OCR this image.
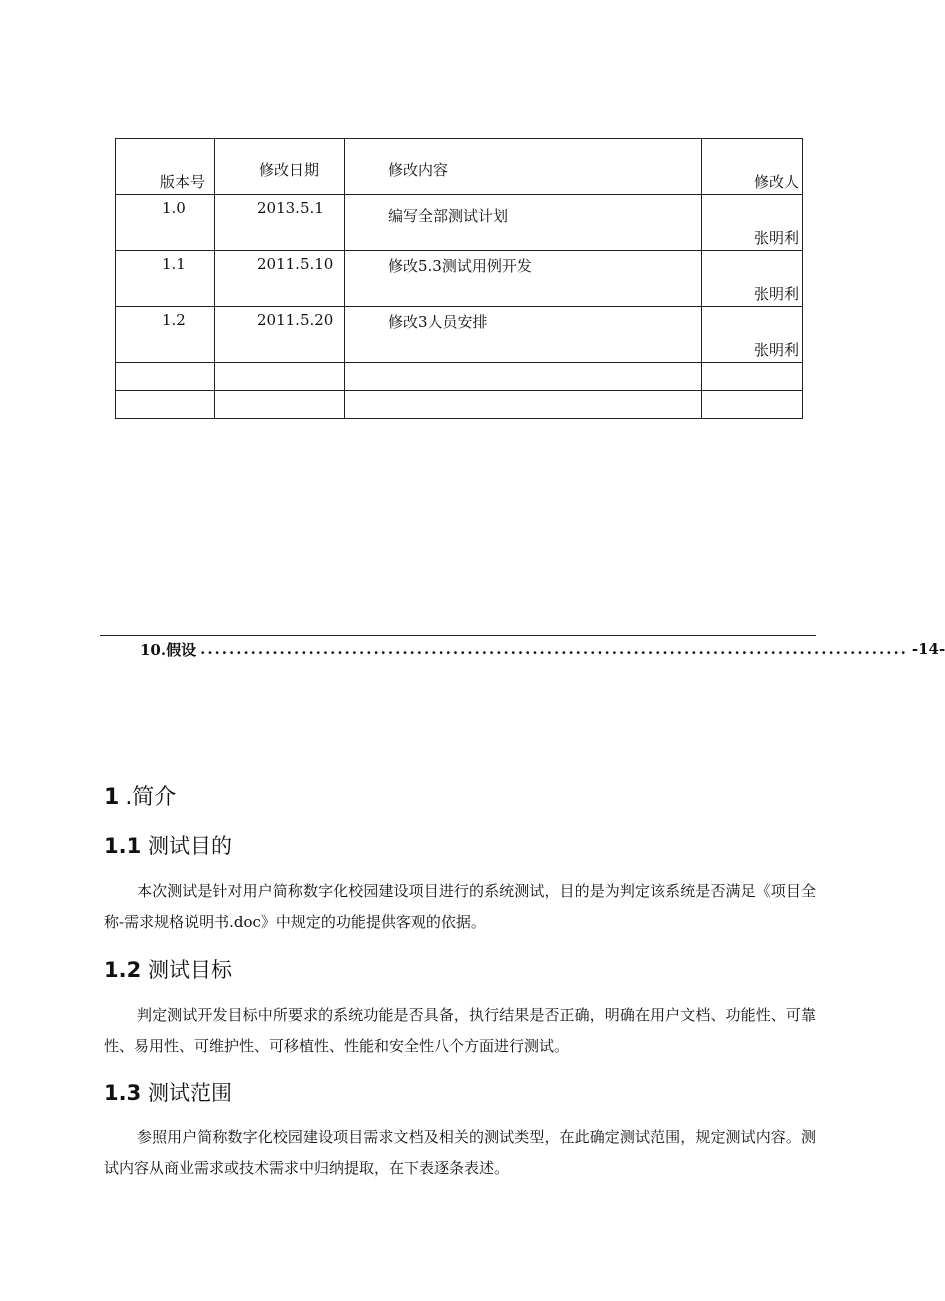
版本号	修改日期	修改内容	修改人

1.0	2013.5.1	编写全部测试计划	张明利

1.1	2011.5.10	修改5.3测试用例开发	张明利

1.2	2011.5.20	修改3人员安排	张明利

10.假设 .................................................................................................. -14-
1 .简介
1.1 测试目的
本次测试是针对用户简称数字化校园建设项目进行的系统测试，目的是为判定该系统是否满足《项目全称-需求规格说明书.doc》中规定的功能提供客观的依据。
1.2 测试目标
判定测试开发目标中所要求的系统功能是否具备，执行结果是否正确，明确在用户文档、功能性、可靠性、易用性、可维护性、可移植性、性能和安全性八个方面进行测试。
1.3 测试范围
参照用户简称数字化校园建设项目需求文档及相关的测试类型，在此确定测试范围，规定测试内容。测试内容从商业需求或技术需求中归纳提取，在下表逐条表述。
